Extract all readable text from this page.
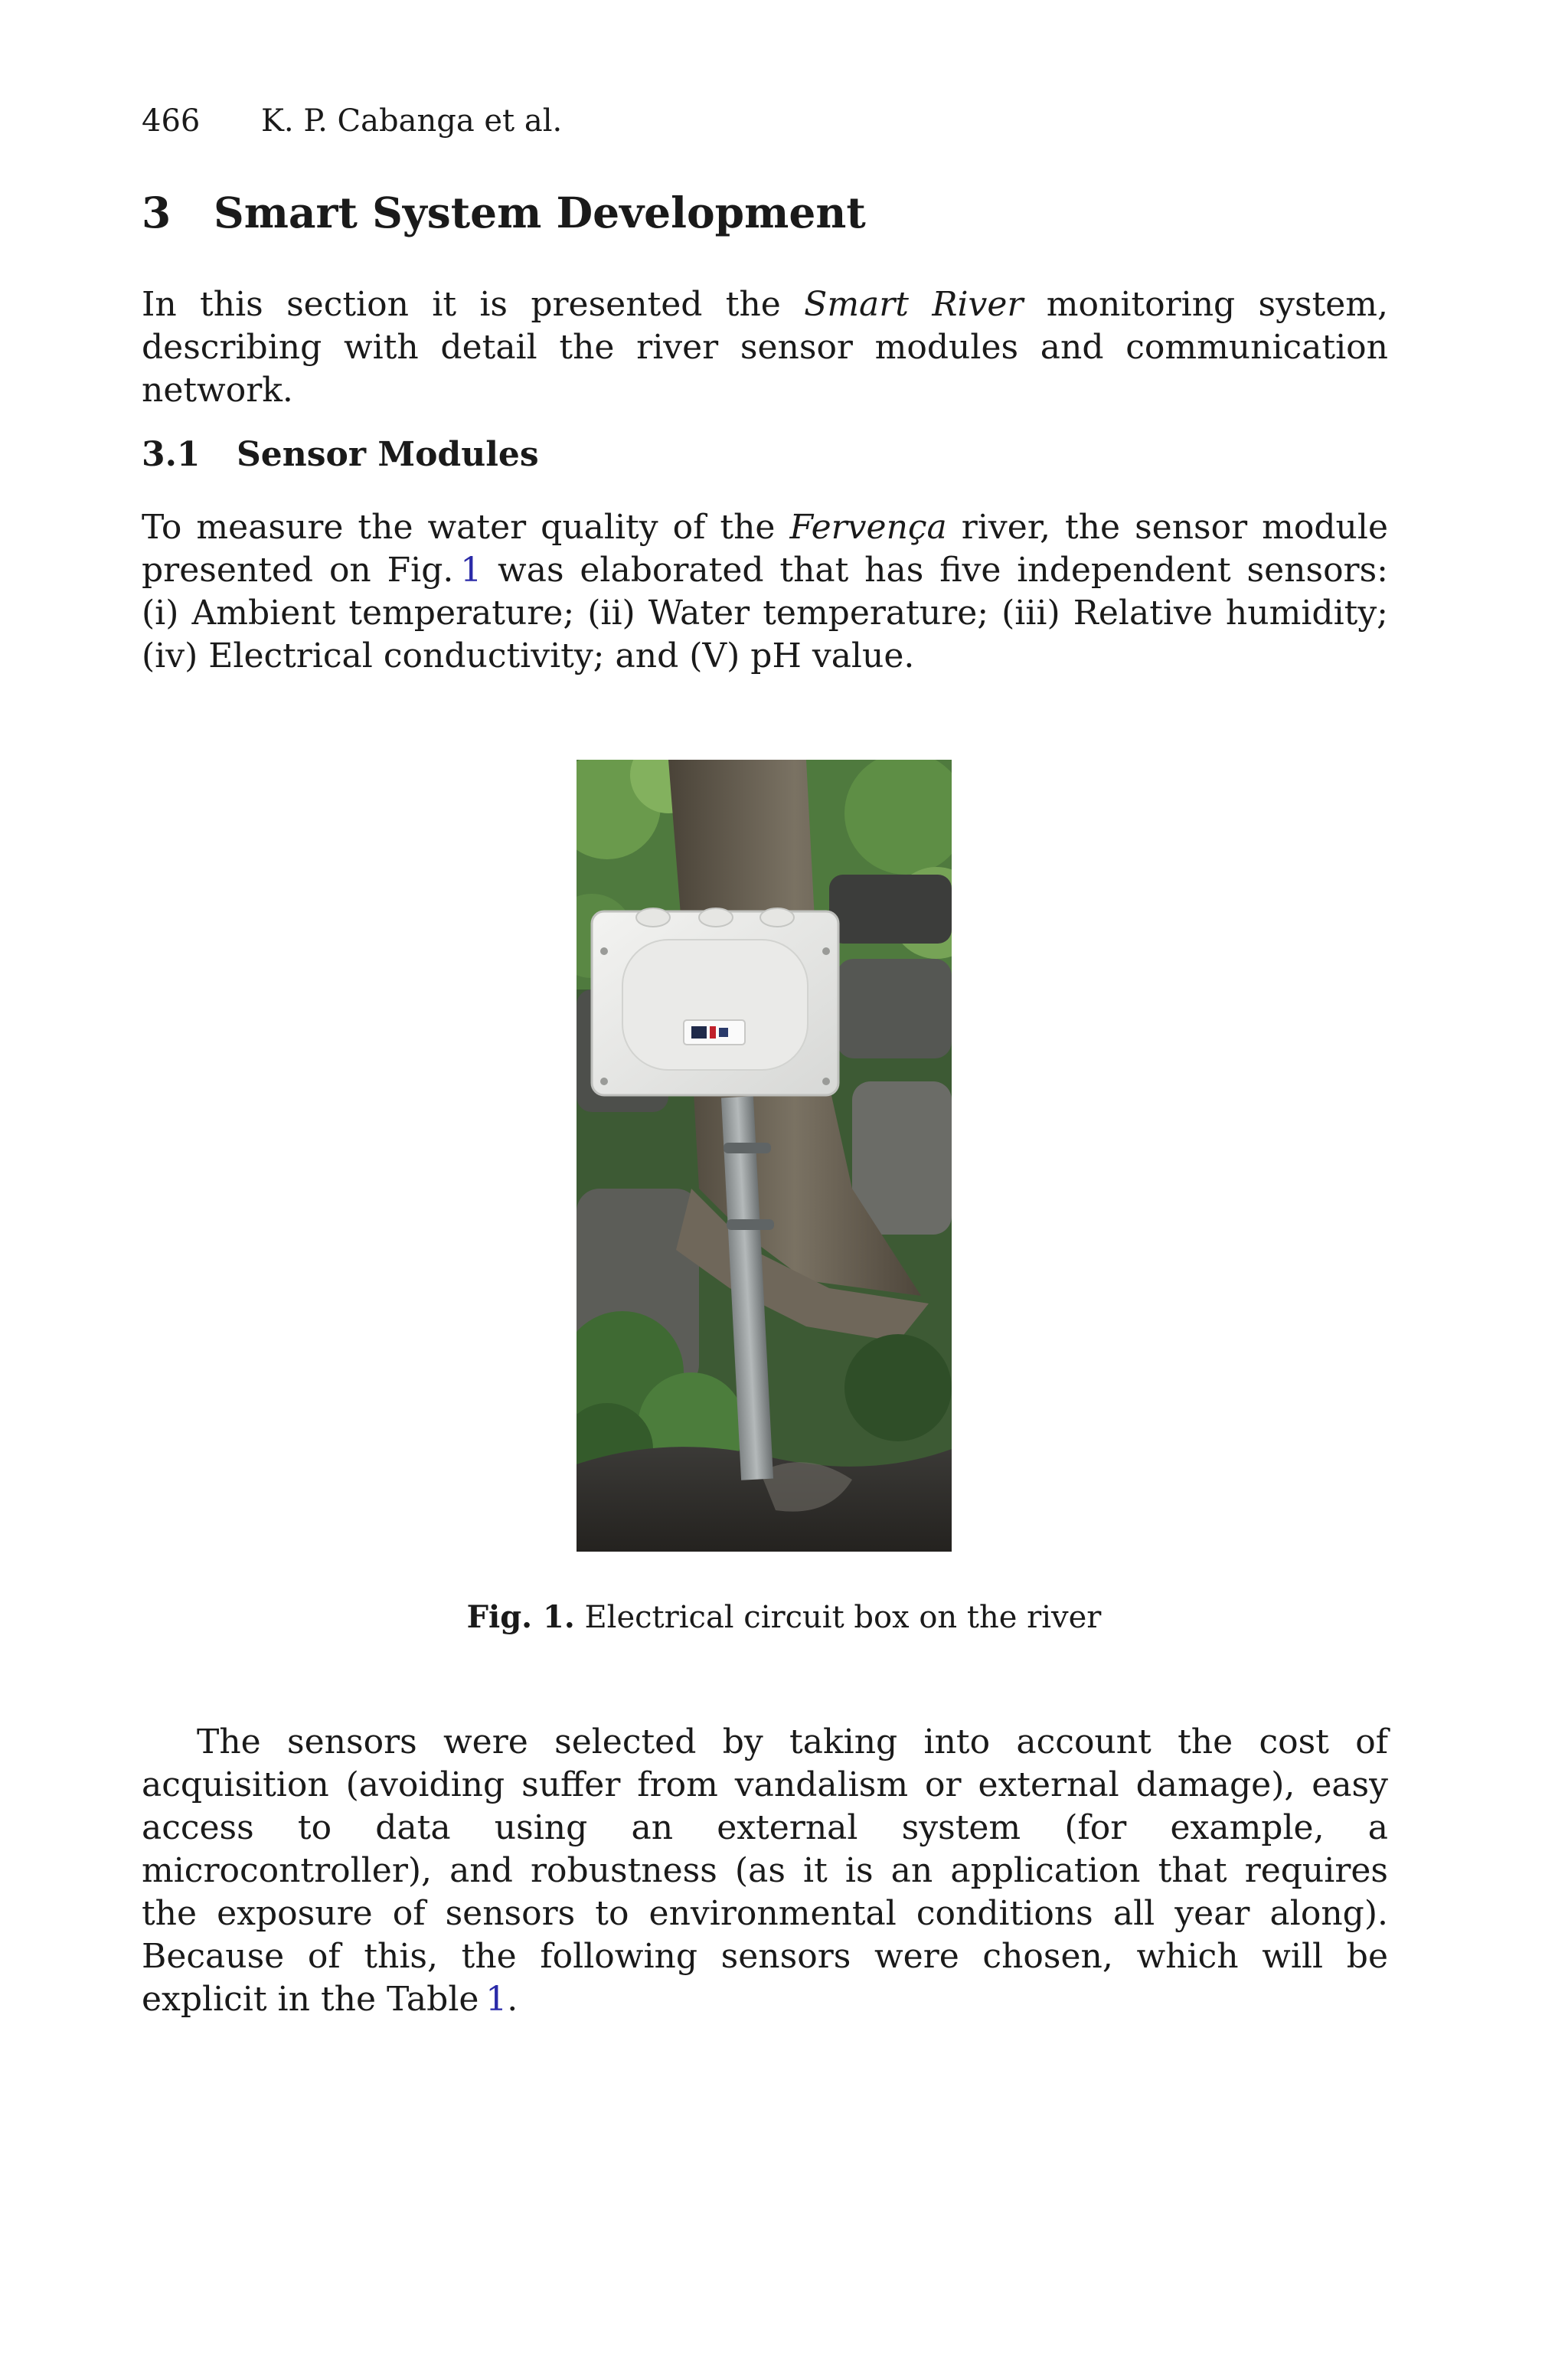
466 K. P. Cabanga et al.
3 Smart System Development

In this section it is presented the Smart River monitoring system, describing with detail the river sensor modules and communication network.

3.1 Sensor Modules

To measure the water quality of the Fervença river, the sensor module presented on Fig.  1 was elaborated that has five independent sensors: (i) Ambient temperature; (ii) Water temperature; (iii) Relative humidity; (iv) Electrical conductivity; and (V) pH value.

Fig. 1. Electrical circuit box on the river

The sensors were selected by taking into account the cost of acquisition (avoiding suffer from vandalism or external damage), easy access to data using an external system (for example, a microcontroller), and robustness (as it is an application that requires the exposure of sensors to environmental conditions all year along). Because of this, the following sensors were chosen, which will be explicit in the Table  1.
